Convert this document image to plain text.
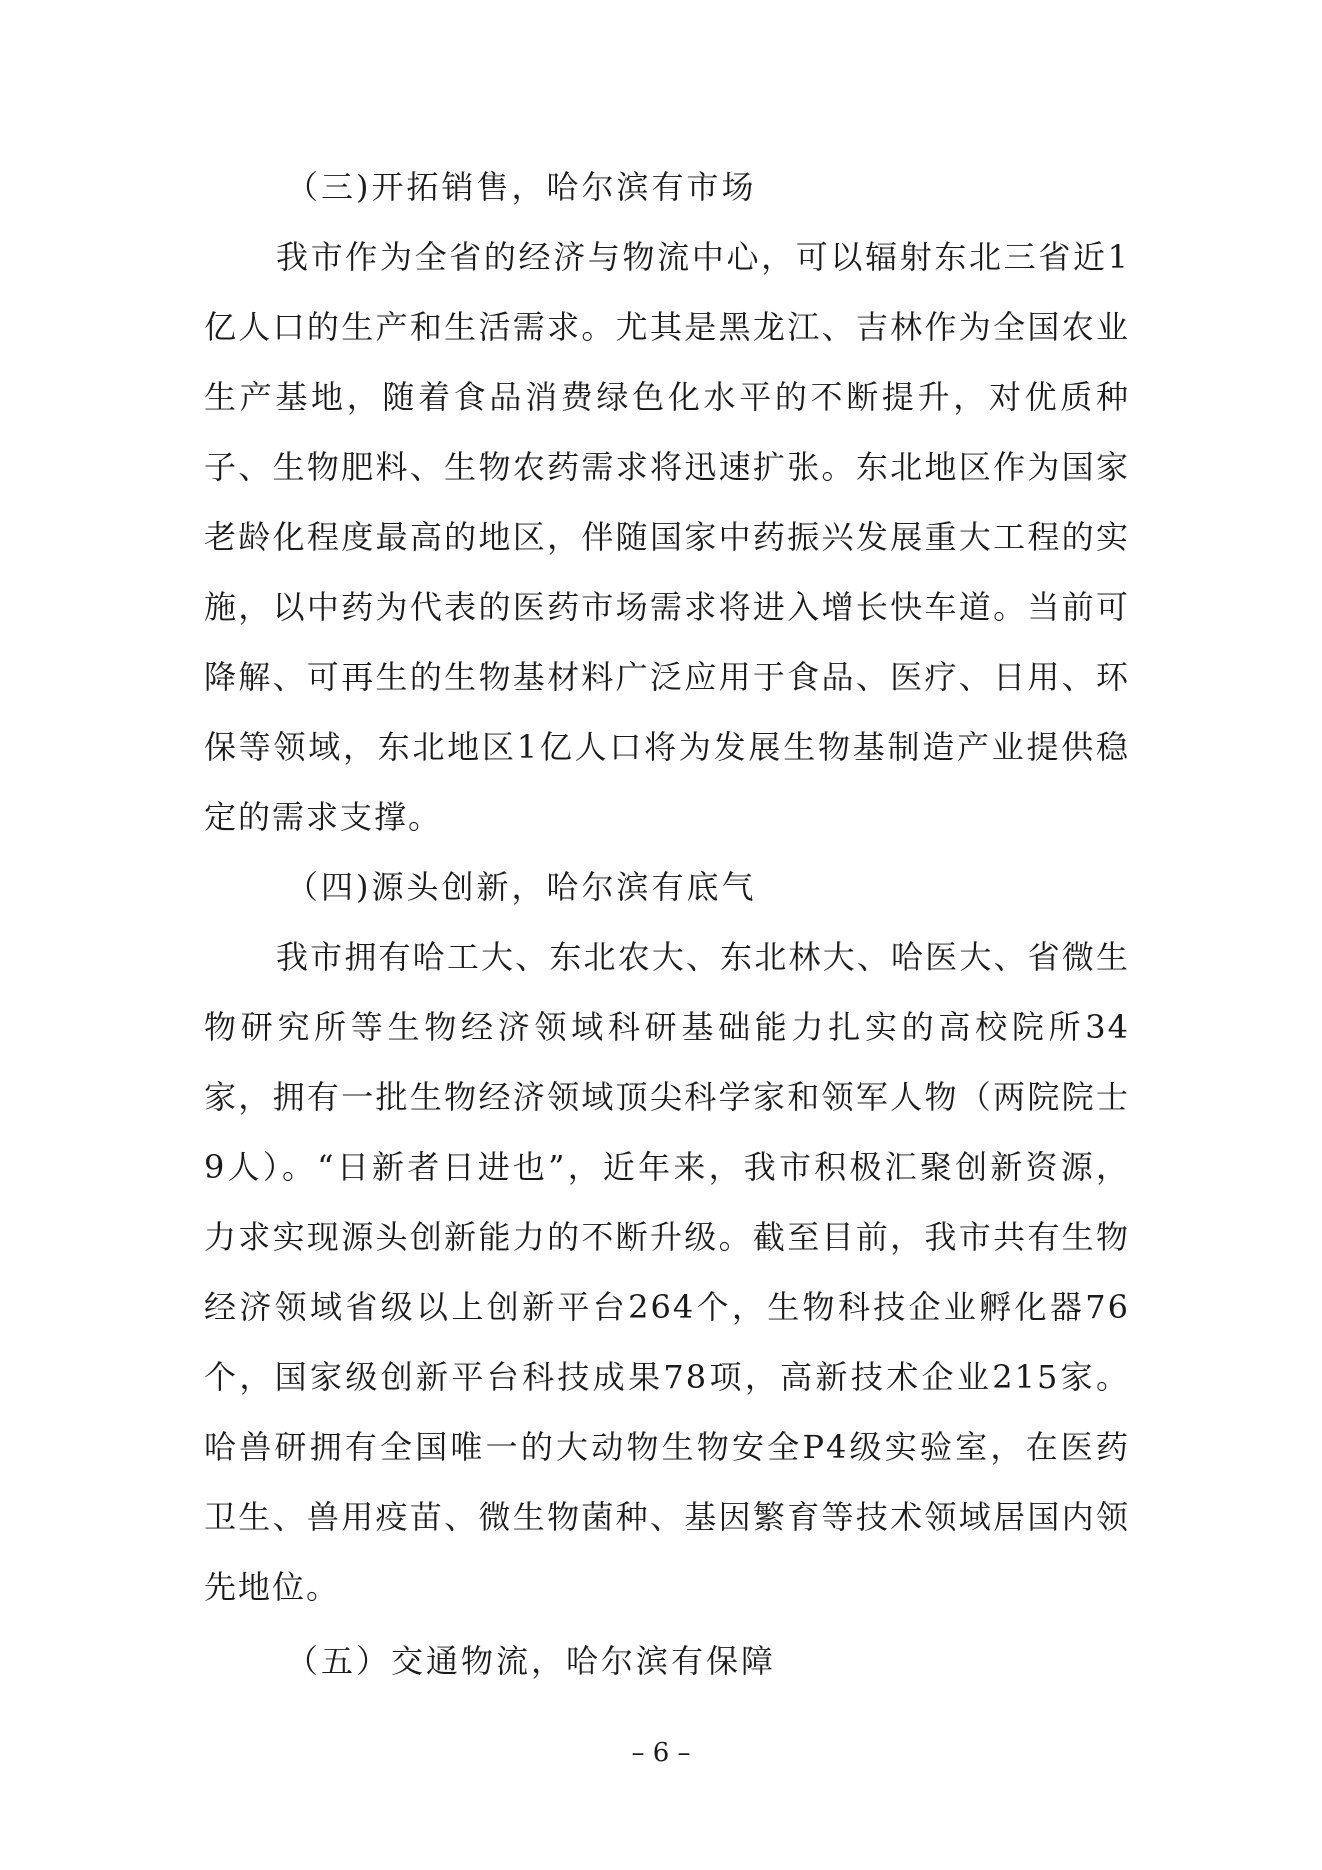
（三)开拓销售，哈尔滨有市场

我市作为全省的经济与物流中心，可以辐射东北三省近1亿人口的生产和生活需求。尤其是黑龙江、吉林作为全国农业生产基地，随着食品消费绿色化水平的不断提升，对优质种子、生物肥料、生物农药需求将迅速扩张。东北地区作为国家老龄化程度最高的地区，伴随国家中药振兴发展重大工程的实施，以中药为代表的医药市场需求将进入增长快车道。当前可降解、可再生的生物基材料广泛应用于食品、医疗、日用、环保等领域，东北地区1亿人口将为发展生物基制造产业提供稳定的需求支撑。

（四)源头创新，哈尔滨有底气

我市拥有哈工大、东北农大、东北林大、哈医大、省微生物研究所等生物经济领域科研基础能力扎实的高校院所34家，拥有一批生物经济领域顶尖科学家和领军人物（两院院士9人）。“日新者日进也”，近年来，我市积极汇聚创新资源，力求实现源头创新能力的不断升级。截至目前，我市共有生物经济领域省级以上创新平台264个，生物科技企业孵化器76个，国家级创新平台科技成果78项，高新技术企业215家。哈兽研拥有全国唯一的大动物生物安全P4级实验室，在医药卫生、兽用疫苗、微生物菌种、基因繁育等技术领域居国内领先地位。

（五）交通物流，哈尔滨有保障
– 6 –
